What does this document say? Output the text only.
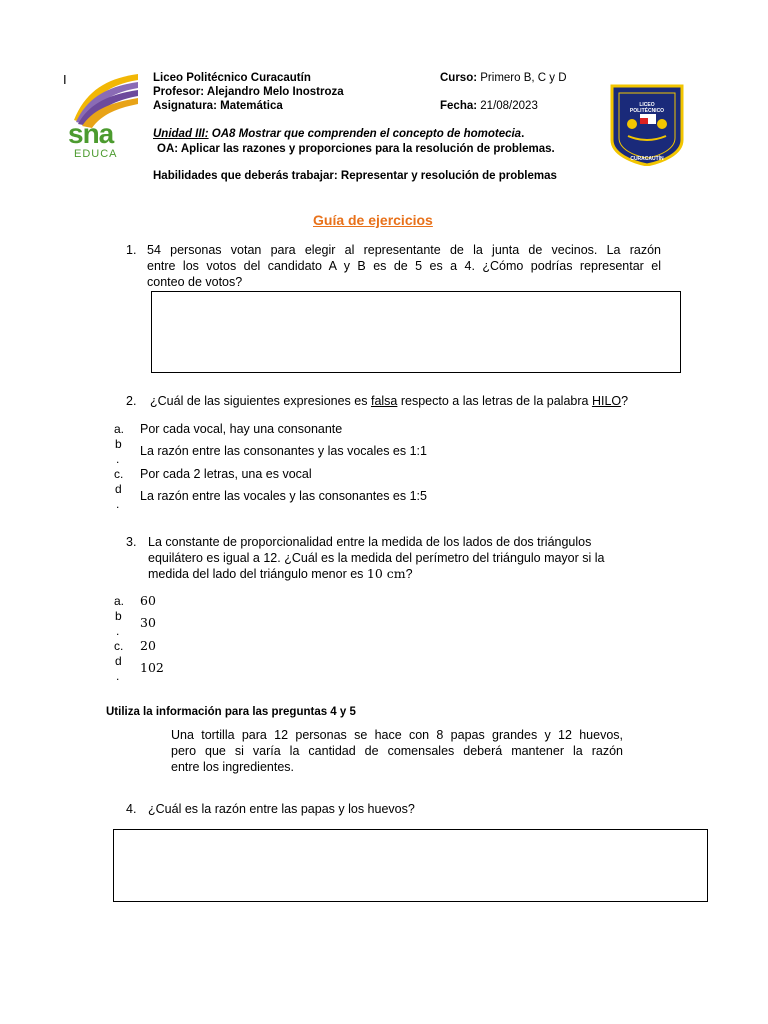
I
sna
EDUCA
Liceo Politécnico Curacautín
Profesor: Alejandro Melo Inostroza
Asignatura: Matemática
Curso: Primero B, C y D
Fecha: 21/08/2023	LICEO POLITÉCNICO
CURACAUTÍN
Unidad III: OA8 Mostrar que comprenden el concepto de homotecia.
OA: Aplicar las razones y proporciones para la resolución de problemas.
Habilidades que deberás trabajar: Representar y resolución de problemas
Guía de ejercicios
1. 54 personas votan para elegir al representante de la junta de vecinos. La razón
entre los votos del candidato A y B es de 5 es a 4. ¿Cómo podrías representar el
conteo de votos?
2. ¿Cuál de las siguientes expresiones es falsa respecto a las letras de la palabra HILO?
a.
b
.
c.
d
.
Por cada vocal, hay una consonante
La razón entre las consonantes y las vocales es 1:1
Por cada 2 letras, una es vocal
La razón entre las vocales y las consonantes es 1:5
3. La constante de proporcionalidad entre la medida de los lados de dos triángulos
equilátero es igual a 12. ¿Cuál es la medida del perímetro del triángulo mayor si la
medida del lado del triángulo menor es 10 cm?
a.
b
.
c.
d
.
60
30
20
102
Utiliza la información para las preguntas 4 y 5
Una tortilla para 12 personas se hace con 8 papas grandes y 12 huevos,
pero que si varía la cantidad de comensales deberá mantener la razón
entre los ingredientes.
4. ¿Cuál es la razón entre las papas y los huevos?
